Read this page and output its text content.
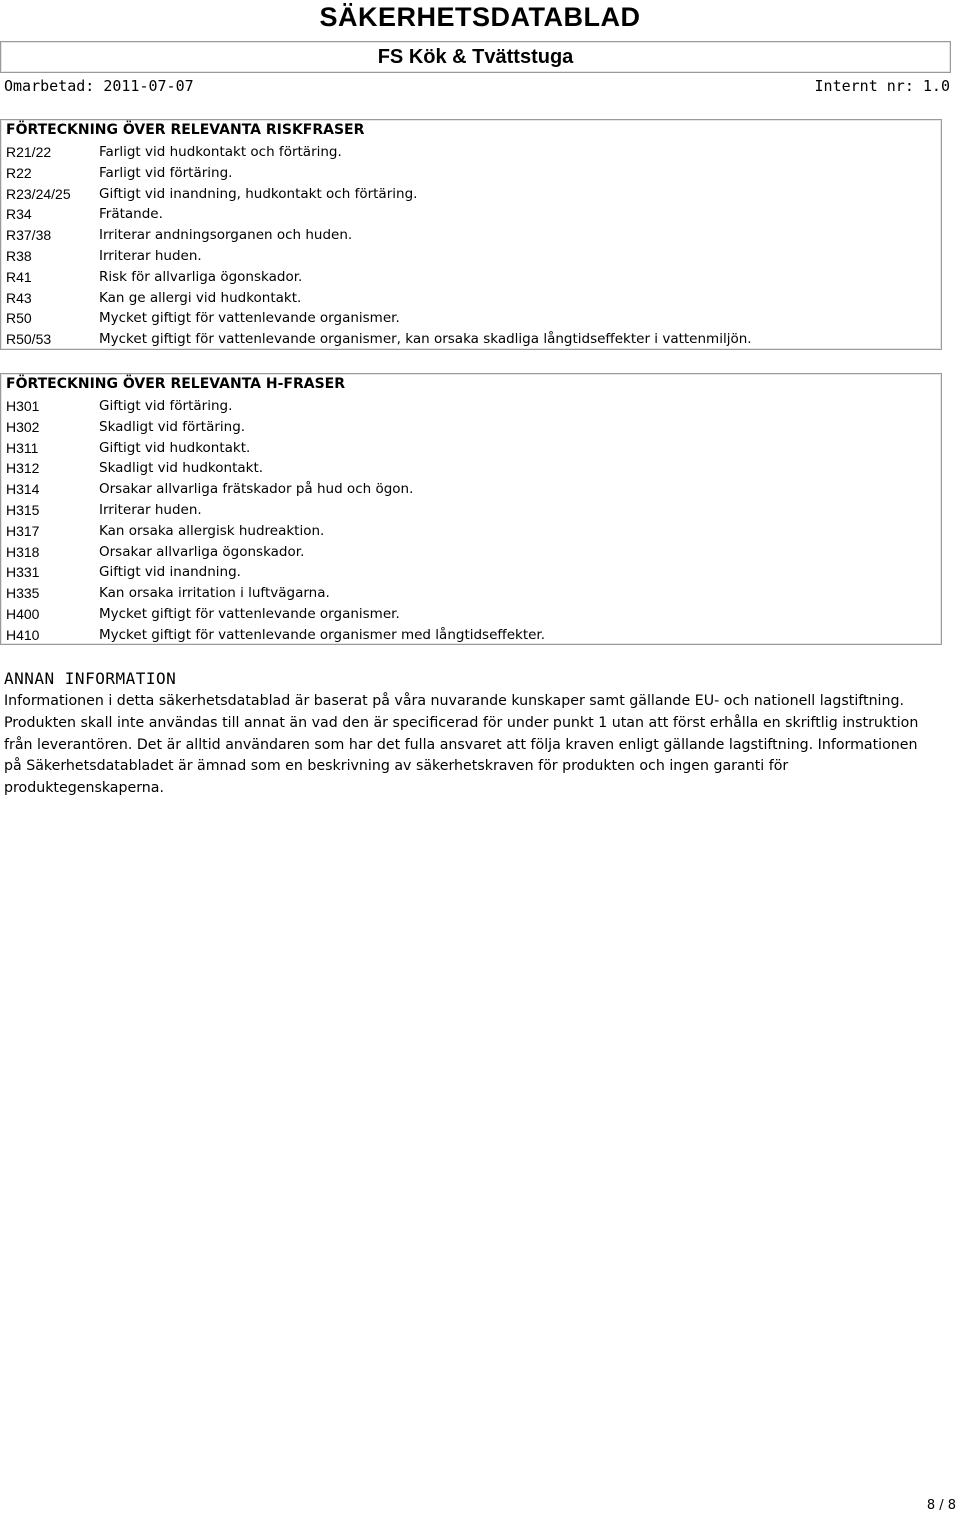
SÄKERHETSDATABLAD
FS Kök & Tvättstuga
Omarbetad: 2011-07-07	Internt nr: 1.0
FÖRTECKNING ÖVER RELEVANTA RISKFRASER
FÖRTECKNING ÖVER RELEVANTA H-FRASER
ANNAN INFORMATION
Informationen i detta säkerhetsdatablad är baserat på våra nuvarande kunskaper samt gällande EU- och nationell lagstiftning. Produkten skall inte användas till annat än vad den är specificerad för under punkt 1 utan att först erhålla en skriftlig instruktion från leverantören. Det är alltid användaren som har det fulla ansvaret att följa kraven enligt gällande lagstiftning. Informationen på Säkerhetsdatabladet är ämnad som en beskrivning av säkerhetskraven för produkten och ingen garanti för produktegenskaperna.
8 / 8
R21/22	Farligt vid hudkontakt och förtäring.
R22	Farligt vid förtäring.
R23/24/25 Giftigt vid inandning, hudkontakt och förtäring.
R34	Frätande.
R37/38	Irriterar andningsorganen och huden.
R38	Irriterar huden.
R41	Risk för allvarliga ögonskador.
R43	Kan ge allergi vid hudkontakt.
R50	Mycket giftigt för vattenlevande organismer.
R50/53	Mycket giftigt för vattenlevande organismer, kan orsaka skadliga långtidseffekter i vattenmiljön.
H301	Giftigt vid förtäring.
H302	Skadligt vid förtäring.
H311	Giftigt vid hudkontakt.
H312	Skadligt vid hudkontakt.
H314	Orsakar allvarliga frätskador på hud och ögon.
H315	Irriterar huden.
H317	Kan orsaka allergisk hudreaktion.
H318	Orsakar allvarliga ögonskador.
H331	Giftigt vid inandning.
H335	Kan orsaka irritation i luftvägarna.
H400	Mycket giftigt för vattenlevande organismer.
H410	Mycket giftigt för vattenlevande organismer med långtidseffekter.
